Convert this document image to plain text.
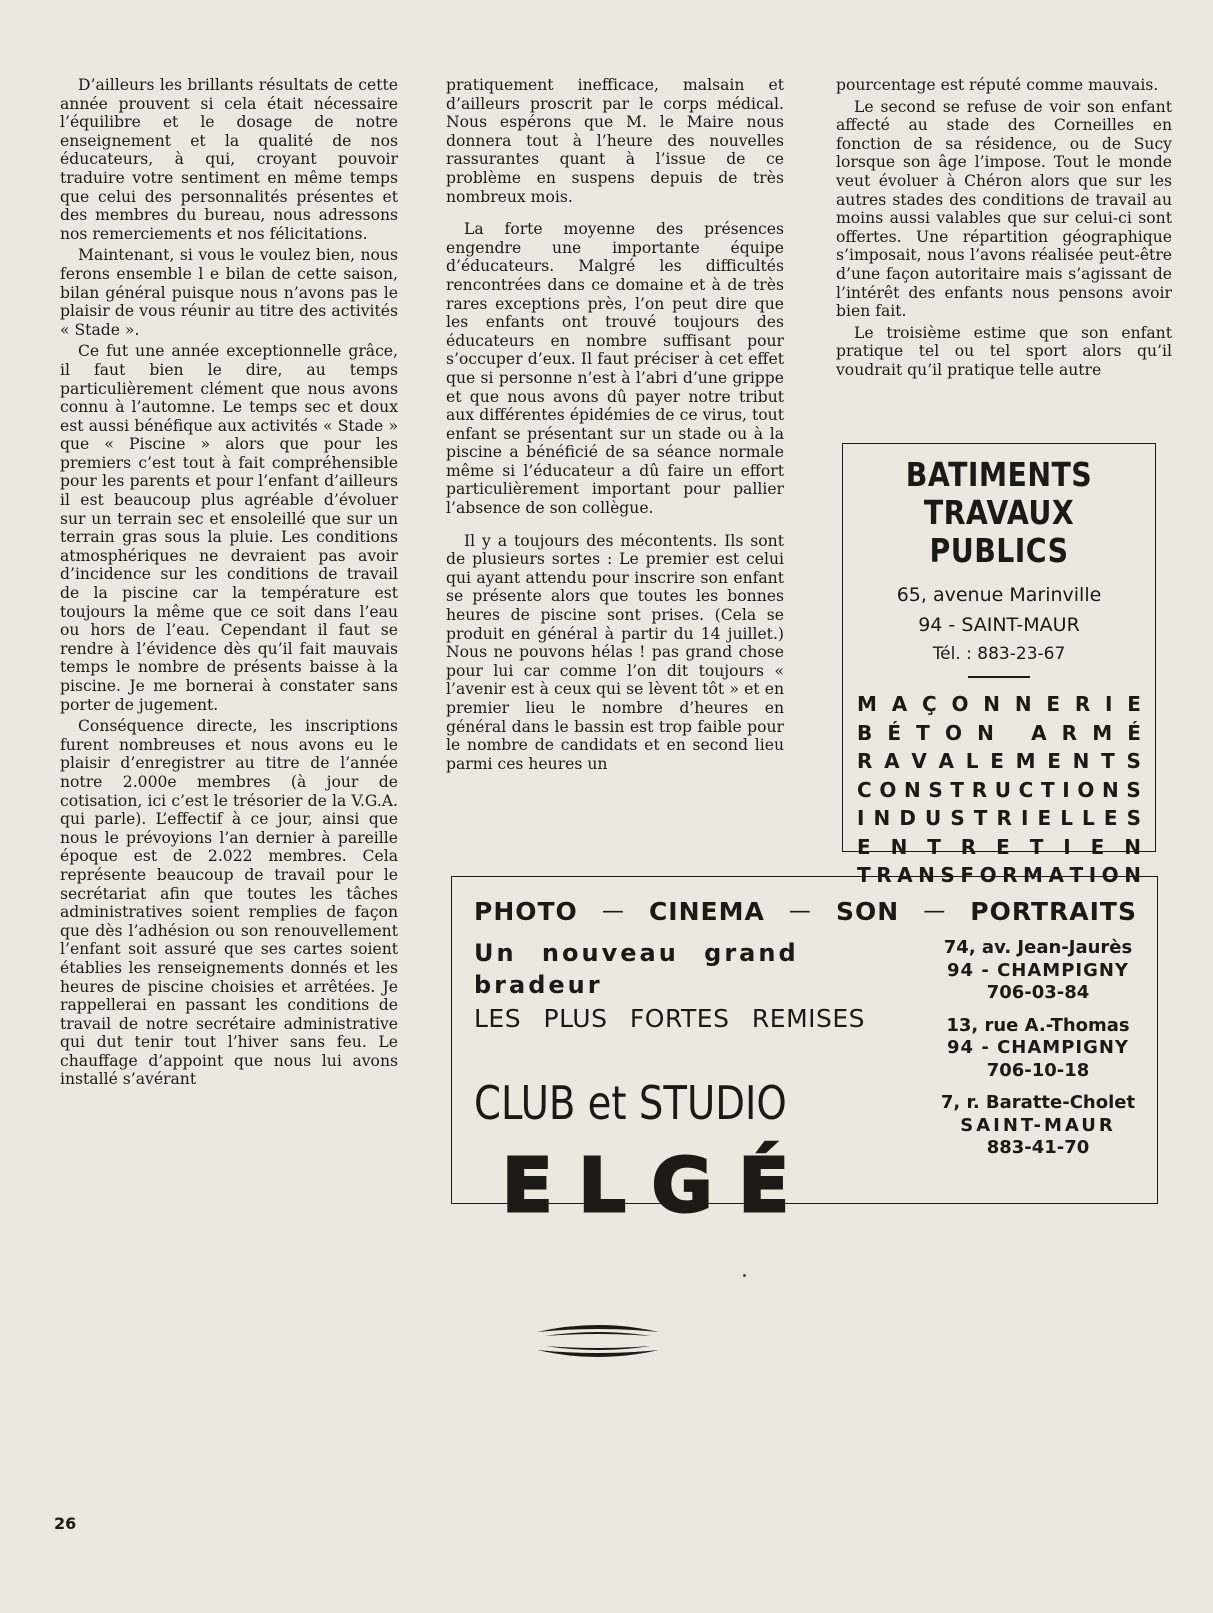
D’ailleurs les brillants résultats de cette année prouvent si cela était nécessaire l’équilibre et le dosage de notre enseignement et la qualité de nos éducateurs, à qui, croyant pouvoir traduire votre sentiment en même temps que celui des personnalités présentes et des membres du bureau, nous adressons nos remerciements et nos félicitations.

Maintenant, si vous le voulez bien, nous ferons ensemble l e bilan de cette saison, bilan général puisque nous n’avons pas le plaisir de vous réunir au titre des activités « Stade ».

Ce fut une année exceptionnelle grâce, il faut bien le dire, au temps particulièrement clément que nous avons connu à l’automne. Le temps sec et doux est aussi bénéfique aux activités « Stade » que « Piscine » alors que pour les premiers c’est tout à fait compréhensible pour les parents et pour l’enfant d’ailleurs il est beaucoup plus agréable d’évoluer sur un terrain sec et ensoleillé que sur un terrain gras sous la pluie. Les conditions atmosphériques ne devraient pas avoir d’incidence sur les conditions de travail de la piscine car la température est toujours la même que ce soit dans l’eau ou hors de l’eau. Cependant il faut se rendre à l’évidence dès qu’il fait mauvais temps le nombre de présents baisse à la piscine. Je me bornerai à constater sans porter de jugement.

Conséquence directe, les inscriptions furent nombreuses et nous avons eu le plaisir d’enregistrer au titre de l’année notre 2.000e membres (à jour de cotisation, ici c’est le trésorier de la V.G.A. qui parle). L’effectif à ce jour, ainsi que nous le prévoyions l’an dernier à pareille époque est de 2.022 membres. Cela représente beaucoup de travail pour le secrétariat afin que toutes les tâches administratives soient remplies de façon que dès l’adhésion ou son renouvellement l’enfant soit assuré que ses cartes soient établies les renseignements donnés et les heures de piscine choisies et arrêtées. Je rappellerai en passant les conditions de travail de notre secrétaire administrative qui dut tenir tout l’hiver sans feu. Le chauffage d’appoint que nous lui avons installé s’avérant

pratiquement inefficace, malsain et d’ailleurs proscrit par le corps médical. Nous espérons que M. le Maire nous donnera tout à l’heure des nouvelles rassurantes quant à l’issue de ce problème en suspens depuis de très nombreux mois.

La forte moyenne des présences engendre une importante équipe d’éducateurs. Malgré les difficultés rencontrées dans ce domaine et à de très rares exceptions près, l’on peut dire que les enfants ont trouvé toujours des éducateurs en nombre suffisant pour s’occuper d’eux. Il faut préciser à cet effet que si personne n’est à l’abri d’une grippe et que nous avons dû payer notre tribut aux différentes épidémies de ce virus, tout enfant se présentant sur un stade ou à la piscine a bénéficié de sa séance normale même si l’éducateur a dû faire un effort particulièrement important pour pallier l’absence de son collègue.

Il y a toujours des mécontents. Ils sont de plusieurs sortes : Le premier est celui qui ayant attendu pour inscrire son enfant se présente alors que toutes les bonnes heures de piscine sont prises. (Cela se produit en général à partir du 14 juillet.) Nous ne pouvons hélas ! pas grand chose pour lui car comme l’on dit toujours « l’avenir est à ceux qui se lèvent tôt » et en premier lieu le nombre d’heures en général dans le bassin est trop faible pour le nombre de candidats et en second lieu parmi ces heures un

pourcentage est réputé comme mauvais.

Le second se refuse de voir son enfant affecté au stade des Corneilles en fonction de sa résidence, ou de Sucy lorsque son âge l’impose. Tout le monde veut évoluer à Chéron alors que sur les autres stades des conditions de travail au moins aussi valables que sur celui-ci sont offertes. Une répartition géographique s’imposait, nous l’avons réalisée peut-être d’une façon autoritaire mais s’agissant de l’intérêt des enfants nous pensons avoir bien fait.

Le troisième estime que son enfant pratique tel ou tel sport alors qu’il voudrait qu’il pratique telle autre

BATIMENTS
TRAVAUX PUBLICS
65, avenue Marinville
94 - SAINT-MAUR
Tél. : 883-23-67
M A Ç O N N E R I E
B É T O N
A R M É
R A V A L E M E N T S
C O N S T R U C T I O N S
I N D U S T R I E L L E S
E N T R E T I E N
T R A N S F O R M A T I O N
PHOTO — CINEMA — SON — PORTRAITS
Un nouveau grand bradeur
LES PLUS FORTES REMISES
CLUB et STUDIO
ELGÉ
74, av. Jean-Jaurès
94 - CHAMPIGNY
706-03-84
13, rue A.-Thomas
94 - CHAMPIGNY
706-10-18
7, r. Baratte-Cholet
SAINT-MAUR
883-41-70
26
